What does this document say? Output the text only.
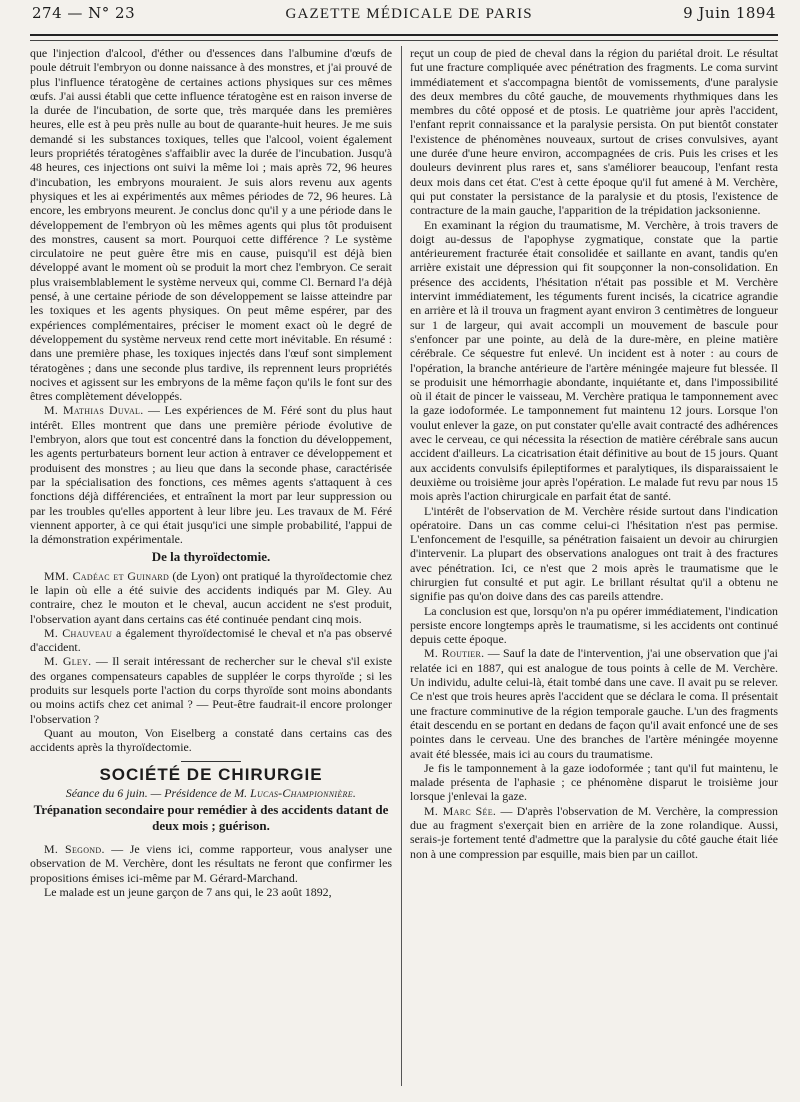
274 — N° 23	GAZETTE MÉDICALE DE PARIS	9 Juin 1894

que l'injection d'alcool, d'éther ou d'essences dans l'albumine d'œufs de poule détruit l'embryon ou donne naissance à des monstres, et j'ai prouvé de plus l'influence tératogène de certaines actions physiques sur ces mêmes œufs. J'ai aussi établi que cette influence tératogène est en raison inverse de la durée de l'incubation, de sorte que, très marquée dans les premières heures, elle est à peu près nulle au bout de quarante-huit heures. Je me suis demandé si les substances toxiques, telles que l'alcool, voient également leurs propriétés tératogènes s'affaiblir avec la durée de l'incubation. Jusqu'à 48 heures, ces injections ont suivi la même loi ; mais après 72, 96 heures d'incubation, les embryons mouraient. Je suis alors revenu aux agents physiques et les ai expérimentés aux mêmes périodes de 72, 96 heures. Là encore, les embryons meurent. Je conclus donc qu'il y a une période dans le développement de l'embryon où les mêmes agents qui plus tôt produisent des monstres, causent sa mort. Pourquoi cette différence ? Le système circulatoire ne peut guère être mis en cause, puisqu'il est déjà bien développé avant le moment où se produit la mort chez l'embryon. Ce serait plus vraisemblablement le système nerveux qui, comme Cl. Bernard l'a déjà pensé, à une certaine période de son développement se laisse atteindre par les toxiques et les agents physiques. On peut même espérer, par des expériences complémentaires, préciser le moment exact où le degré de développement du système nerveux rend cette mort inévitable. En résumé : dans une première phase, les toxiques injectés dans l'œuf sont simplement tératogènes ; dans une seconde plus tardive, ils reprennent leurs propriétés nocives et agissent sur les embryons de la même façon qu'ils le font sur des êtres complètement développés.

M. Mathias Duval. — Les expériences de M. Féré sont du plus haut intérêt. Elles montrent que dans une première période évolutive de l'embryon, alors que tout est concentré dans la fonction du développement, les agents perturbateurs bornent leur action à entraver ce développement et produisent des monstres ; au lieu que dans la seconde phase, caractérisée par la spécialisation des fonctions, ces mêmes agents s'attaquent à ces fonctions déjà différenciées, et entraînent la mort par leur suppression ou par les troubles qu'elles apportent à leur libre jeu. Les travaux de M. Féré viennent apporter, à ce qui était jusqu'ici une simple probabilité, l'appui de la démonstration expérimentale.

De la thyroïdectomie.

MM. Cadéac et Guinard (de Lyon) ont pratiqué la thyroïdectomie chez le lapin où elle a été suivie des accidents indiqués par M. Gley. Au contraire, chez le mouton et le cheval, aucun accident ne s'est produit, l'observation ayant dans certains cas été continuée pendant cinq mois.

M. Chauveau a également thyroïdectomisé le cheval et n'a pas observé d'accident.

M. Gley. — Il serait intéressant de rechercher sur le cheval s'il existe des organes compensateurs capables de suppléer le corps thyroïde ; si les produits sur lesquels porte l'action du corps thyroïde sont moins abondants ou moins actifs chez cet animal ? — Peut-être faudrait-il encore prolonger l'observation ?

Quant au mouton, Von Eiselberg a constaté dans certains cas des accidents après la thyroïdectomie.

SOCIÉTÉ DE CHIRURGIE

Séance du 6 juin. — Présidence de M. Lucas-Championnière.

Trépanation secondaire pour remédier à des accidents datant de deux mois ; guérison.

M. Segond. — Je viens ici, comme rapporteur, vous analyser une observation de M. Verchère, dont les résultats ne feront que confirmer les propositions émises ici-même par M. Gérard-Marchand.

Le malade est un jeune garçon de 7 ans qui, le 23 août 1892,

reçut un coup de pied de cheval dans la région du pariétal droit. Le résultat fut une fracture compliquée avec pénétration des fragments. Le coma survint immédiatement et s'accompagna bientôt de vomissements, d'une paralysie des deux membres du côté gauche, de mouvements rhythmiques dans les membres du côté opposé et de ptosis. Le quatrième jour après l'accident, l'enfant reprit connaissance et la paralysie persista. On put bientôt constater l'existence de phénomènes nouveaux, surtout de crises convulsives, ayant une durée d'une heure environ, accompagnées de cris. Puis les crises et les douleurs devinrent plus rares et, sans s'améliorer beaucoup, l'enfant resta deux mois dans cet état. C'est à cette époque qu'il fut amené à M. Verchère, qui put constater la persistance de la paralysie et du ptosis, l'existence de contracture de la main gauche, l'apparition de la trépidation jacksonienne.

En examinant la région du traumatisme, M. Verchère, à trois travers de doigt au-dessus de l'apophyse zygmatique, constate que la partie antérieurement fracturée était consolidée et saillante en avant, tandis qu'en arrière existait une dépression qui fit soupçonner la non-consolidation. En présence des accidents, l'hésitation n'était pas possible et M. Verchère intervint immédiatement, les téguments furent incisés, la cicatrice agrandie en arrière et là il trouva un fragment ayant environ 3 centimètres de longueur sur 1 de largeur, qui avait accompli un mouvement de bascule pour s'enfoncer par une pointe, au delà de la dure-mère, en pleine matière cérébrale. Ce séquestre fut enlevé. Un incident est à noter : au cours de l'opération, la branche antérieure de l'artère méningée majeure fut blessée. Il se produisit une hémorrhagie abondante, inquiétante et, dans l'impossibilité où il était de pincer le vaisseau, M. Verchère pratiqua le tamponnement avec la gaze iodoformée. Le tamponnement fut maintenu 12 jours. Lorsque l'on voulut enlever la gaze, on put constater qu'elle avait contracté des adhérences avec le cerveau, ce qui nécessita la résection de matière cérébrale sans aucun accident d'ailleurs. La cicatrisation était définitive au bout de 15 jours. Quant aux accidents convulsifs épileptiformes et paralytiques, ils disparaissaient le deuxième ou troisième jour après l'opération. Le malade fut revu par nous 15 mois après l'action chirurgicale en parfait état de santé.

L'intérêt de l'observation de M. Verchère réside surtout dans l'indication opératoire. Dans un cas comme celui-ci l'hésitation n'est pas permise. L'enfoncement de l'esquille, sa pénétration faisaient un devoir au chirurgien d'intervenir. La plupart des observations analogues ont trait à des fractures avec pénétration. Ici, ce n'est que 2 mois après le traumatisme que le chirurgien fut consulté et put agir. Le brillant résultat qu'il a obtenu ne signifie pas qu'on doive dans des cas pareils attendre.

La conclusion est que, lorsqu'on n'a pu opérer immédiatement, l'indication persiste encore longtemps après le traumatisme, si les accidents ont continué depuis cette époque.

M. Routier. — Sauf la date de l'intervention, j'ai une observation que j'ai relatée ici en 1887, qui est analogue de tous points à celle de M. Verchère. Un individu, adulte celui-là, était tombé dans une cave. Il avait pu se relever. Ce n'est que trois heures après l'accident que se déclara le coma. Il présentait une fracture comminutive de la région temporale gauche. L'un des fragments était descendu en se portant en dedans de façon qu'il avait enfoncé une de ses pointes dans le cerveau. Une des branches de l'artère méningée moyenne avait été blessée, mais ici au cours du traumatisme.

Je fis le tamponnement à la gaze iodoformée ; tant qu'il fut maintenu, le malade présenta de l'aphasie ; ce phénomène disparut le troisième jour lorsque j'enlevai la gaze.

M. Marc Sée. — D'après l'observation de M. Verchère, la compression due au fragment s'exerçait bien en arrière de la zone rolandique. Aussi, serais-je fortement tenté d'admettre que la paralysie du côté gauche était liée non à une compression par esquille, mais bien par un caillot.
